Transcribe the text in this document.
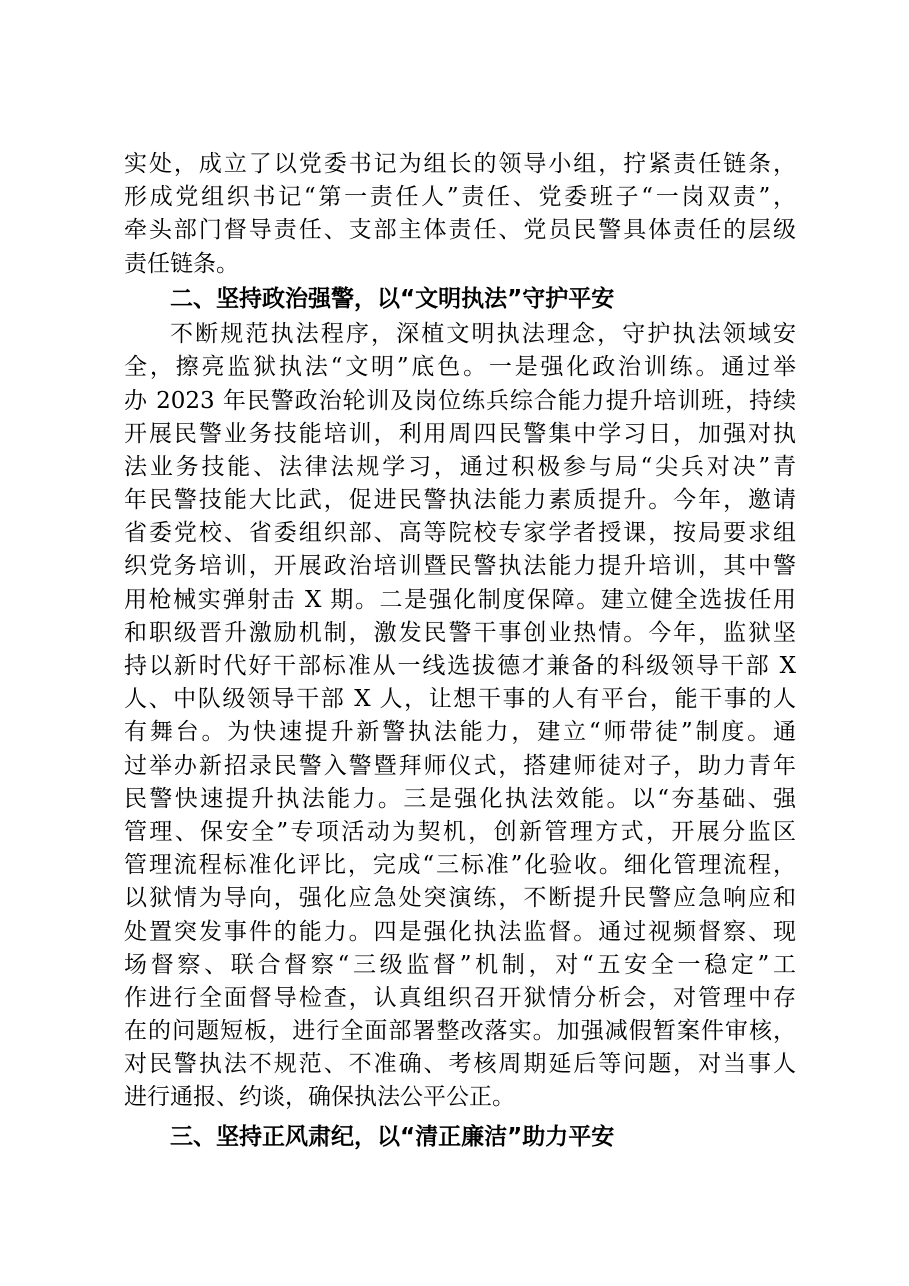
实处，成立了以党委书记为组长的领导小组，拧紧责任链条，
形成党组织书记“第一责任人”责任、党委班子“一岗双责”，
牵头部门督导责任、支部主体责任、党员民警具体责任的层级
责任链条。
二、坚持政治强警，以“文明执法”守护平安
不断规范执法程序，深植文明执法理念，守护执法领域安
全，擦亮监狱执法“文明”底色。一是强化政治训练。通过举
办 2023 年民警政治轮训及岗位练兵综合能力提升培训班，持续
开展民警业务技能培训，利用周四民警集中学习日，加强对执
法业务技能、法律法规学习，通过积极参与局“尖兵对决”青
年民警技能大比武，促进民警执法能力素质提升。今年，邀请
省委党校、省委组织部、高等院校专家学者授课，按局要求组
织党务培训，开展政治培训暨民警执法能力提升培训，其中警
用枪械实弹射击 X 期。二是强化制度保障。建立健全选拔任用
和职级晋升激励机制，激发民警干事创业热情。今年，监狱坚
持以新时代好干部标准从一线选拔德才兼备的科级领导干部 X
人、中队级领导干部 X 人，让想干事的人有平台，能干事的人
有舞台。为快速提升新警执法能力，建立“师带徒”制度。通
过举办新招录民警入警暨拜师仪式，搭建师徒对子，助力青年
民警快速提升执法能力。三是强化执法效能。以“夯基础、强
管理、保安全”专项活动为契机，创新管理方式，开展分监区
管理流程标准化评比，完成“三标准”化验收。细化管理流程，
以狱情为导向，强化应急处突演练，不断提升民警应急响应和
处置突发事件的能力。四是强化执法监督。通过视频督察、现
场督察、联合督察“三级监督”机制，对“五安全一稳定”工
作进行全面督导检查，认真组织召开狱情分析会，对管理中存
在的问题短板，进行全面部署整改落实。加强减假暂案件审核，
对民警执法不规范、不准确、考核周期延后等问题，对当事人
进行通报、约谈，确保执法公平公正。
三、坚持正风肃纪，以“清正廉洁”助力平安
